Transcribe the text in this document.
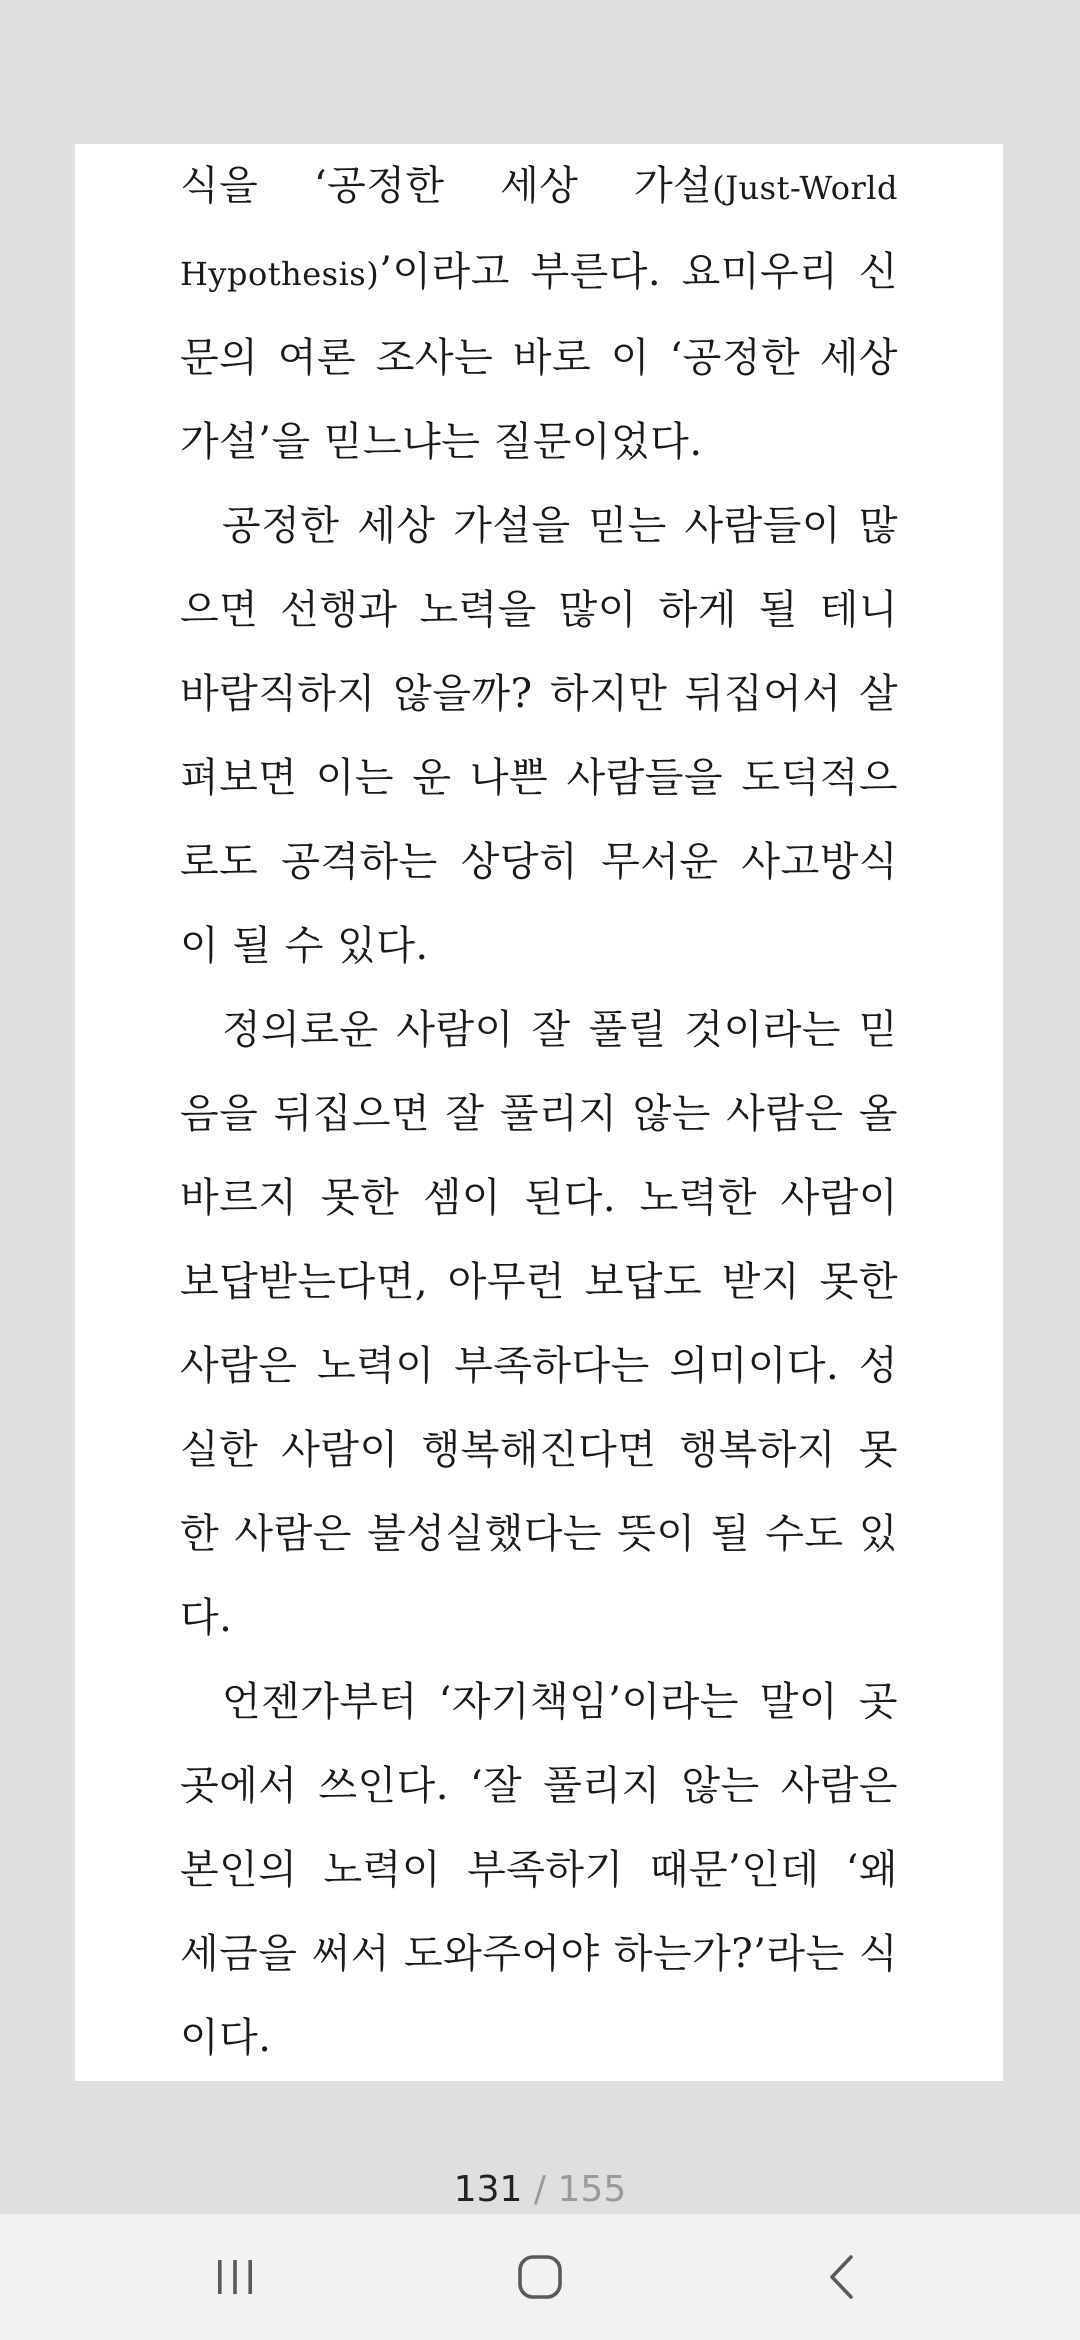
식을 ‘공정한 세상 가설(Just-World Hypothesis)’이라고 부른다. 요미우리 신문의 여론 조사는 바로 이 ‘공정한 세상 가설’을 믿느냐는 질문이었다.

공정한 세상 가설을 믿는 사람들이 많으면 선행과 노력을 많이 하게 될 테니 바람직하지 않을까? 하지만 뒤집어서 살펴보면 이는 운 나쁜 사람들을 도덕적으로도 공격하는 상당히 무서운 사고방식이 될 수 있다.

정의로운 사람이 잘 풀릴 것이라는 믿음을 뒤집으면 잘 풀리지 않는 사람은 올바르지 못한 셈이 된다. 노력한 사람이 보답받는다면, 아무런 보답도 받지 못한 사람은 노력이 부족하다는 의미이다. 성실한 사람이 행복해진다면 행복하지 못한 사람은 불성실했다는 뜻이 될 수도 있다.

언젠가부터 ‘자기책임’이라는 말이 곳곳에서 쓰인다. ‘잘 풀리지 않는 사람은 본인의 노력이 부족하기 때문’인데 ‘왜 세금을 써서 도와주어야 하는가?’라는 식이다.

131 / 155
